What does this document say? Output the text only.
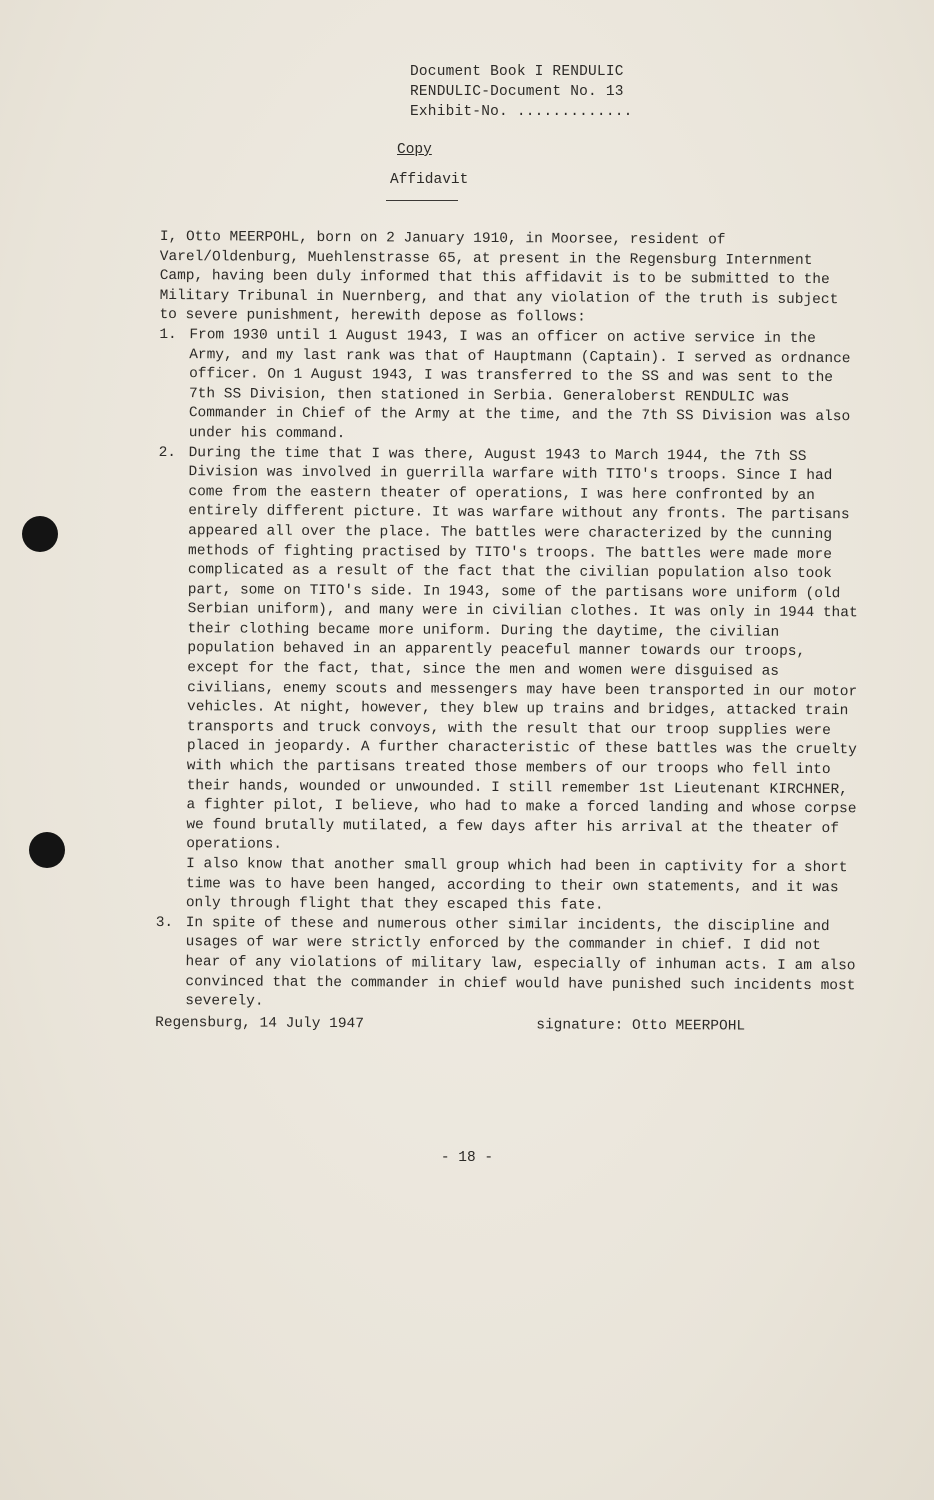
Document Book I RENDULIC
RENDULIC-Document No. 13
Exhibit-No. .............
Copy
Affidavit

I, Otto MEERPOHL, born on 2 January 1910, in Moorsee, resident of Varel/Oldenburg, Muehlenstrasse 65, at present in the Regensburg Internment Camp, having been duly informed that this affidavit is to be submitted to the Military Tribunal in Nuernberg, and that any violation of the truth is subject to severe punishment, herewith depose as follows:

1. From 1930 until 1 August 1943, I was an officer on active service in the Army, and my last rank was that of Hauptmann (Captain). I served as ordnance officer. On 1 August 1943, I was transferred to the SS and was sent to the 7th SS Division, then stationed in Serbia. Generaloberst RENDULIC was Commander in Chief of the Army at the time, and the 7th SS Division was also under his command.
2. During the time that I was there, August 1943 to March 1944, the 7th SS Division was involved in guerrilla warfare with TITO's troops. Since I had come from the eastern theater of operations, I was here confronted by an entirely different picture. It was warfare without any fronts. The partisans appeared all over the place. The battles were characterized by the cunning methods of fighting practised by TITO's troops. The battles were made more complicated as a result of the fact that the civilian population also took part, some on TITO's side. In 1943, some of the partisans wore uniform (old Serbian uniform), and many were in civilian clothes. It was only in 1944 that their clothing became more uniform. During the daytime, the civilian population behaved in an apparently peaceful manner towards our troops, except for the fact, that, since the men and women were disguised as civilians, enemy scouts and messengers may have been transported in our motor vehicles. At night, however, they blew up trains and bridges, attacked train transports and truck convoys, with the result that our troop supplies were placed in jeopardy. A further characteristic of these battles was the cruelty with which the partisans treated those members of our troops who fell into their hands, wounded or unwounded. I still remember 1st Lieutenant KIRCHNER, a fighter pilot, I believe, who had to make a forced landing and whose corpse we found brutally mutilated, a few days after his arrival at the theater of operations.

I also know that another small group which had been in captivity for a short time was to have been hanged, according to their own statements, and it was only through flight that they escaped this fate.

3. In spite of these and numerous other similar incidents, the discipline and usages of war were strictly enforced by the commander in chief. I did not hear of any violations of military law, especially of inhuman acts. I am also convinced that the commander in chief would have punished such incidents most severely.
Regensburg, 14 July 1947	signature: Otto MEERPOHL
- 18 -
